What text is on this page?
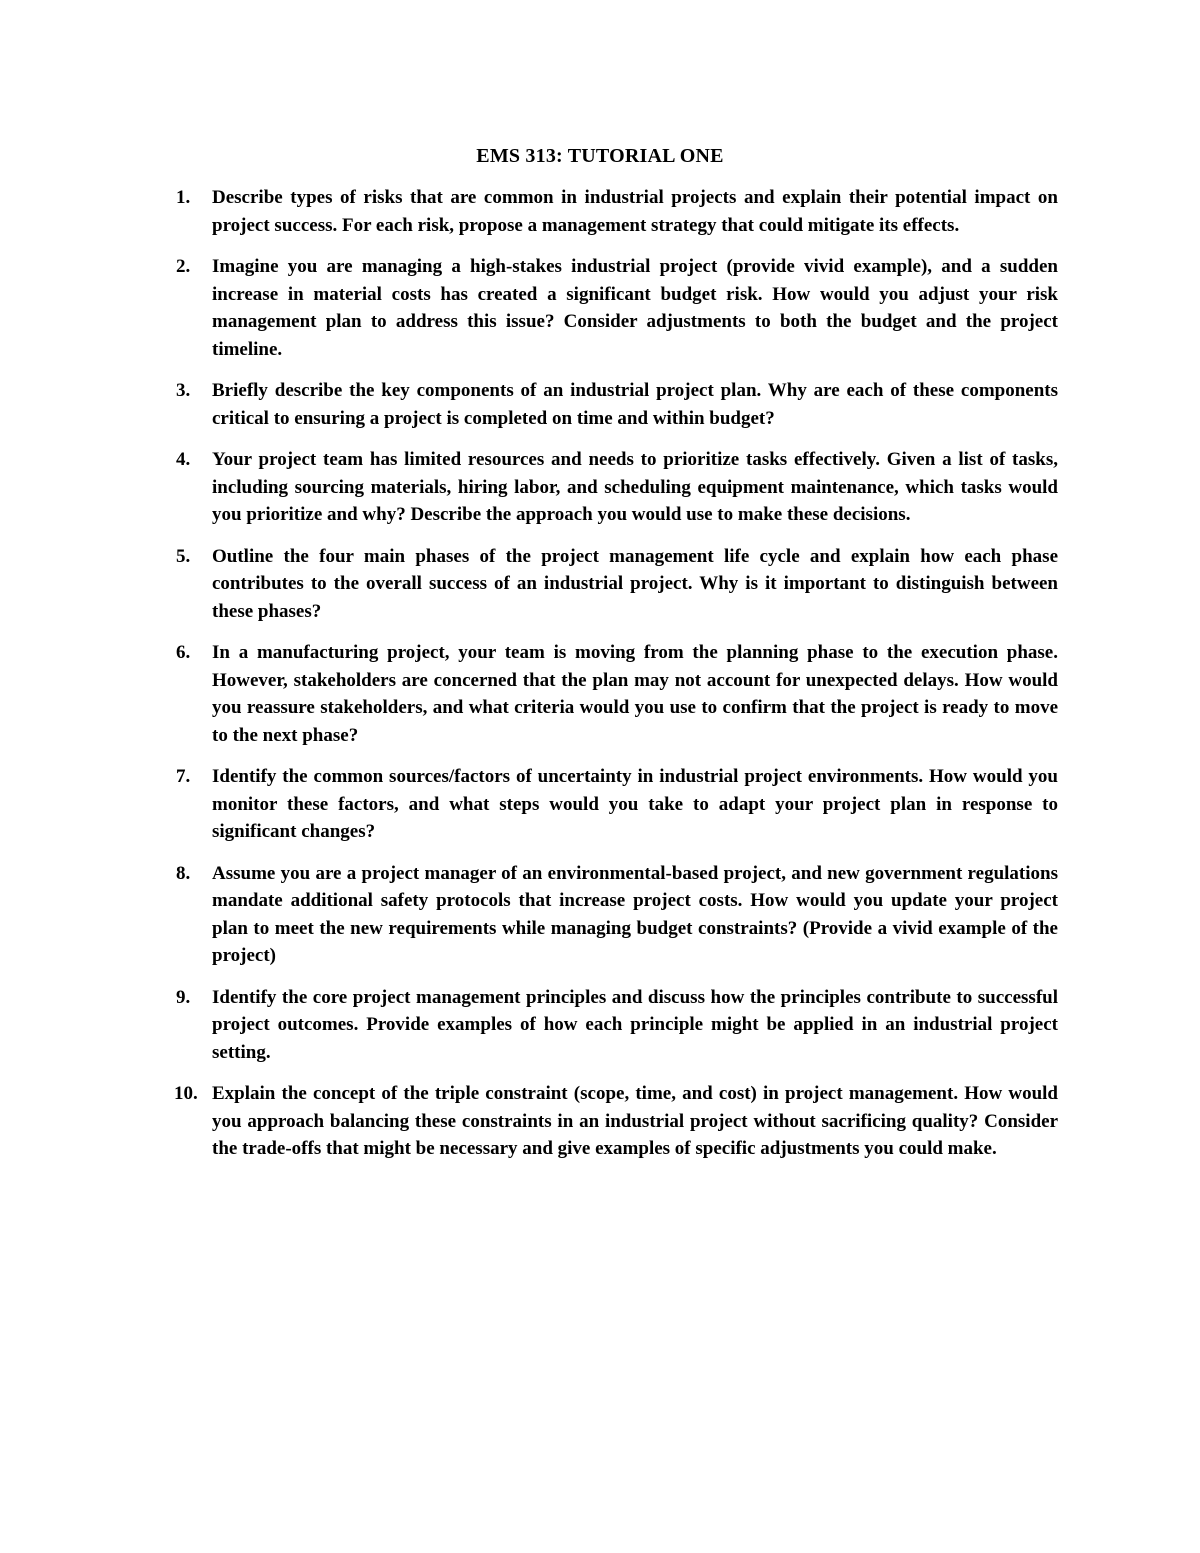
EMS 313: TUTORIAL ONE
1.	Describe types of risks that are common in industrial projects and explain their potential impact on project success. For each risk, propose a management strategy that could mitigate its effects.
2.	Imagine you are managing a high-stakes industrial project (provide vivid example), and a sudden increase in material costs has created a significant budget risk. How would you adjust your risk management plan to address this issue? Consider adjustments to both the budget and the project timeline.
3.	Briefly describe the key components of an industrial project plan. Why are each of these components critical to ensuring a project is completed on time and within budget?
4.	Your project team has limited resources and needs to prioritize tasks effectively. Given a list of tasks, including sourcing materials, hiring labor, and scheduling equipment maintenance, which tasks would you prioritize and why? Describe the approach you would use to make these decisions.
5.	Outline the four main phases of the project management life cycle and explain how each phase contributes to the overall success of an industrial project. Why is it important to distinguish between these phases?
6.	In a manufacturing project, your team is moving from the planning phase to the execution phase. However, stakeholders are concerned that the plan may not account for unexpected delays. How would you reassure stakeholders, and what criteria would you use to confirm that the project is ready to move to the next phase?
7.	Identify the common sources/factors of uncertainty in industrial project environments. How would you monitor these factors, and what steps would you take to adapt your project plan in response to significant changes?
8.	Assume you are a project manager of an environmental-based project, and new government regulations mandate additional safety protocols that increase project costs. How would you update your project plan to meet the new requirements while managing budget constraints? (Provide a vivid example of the project)
9.	Identify the core project management principles and discuss how the principles contribute to successful project outcomes. Provide examples of how each principle might be applied in an industrial project setting.
10. Explain the concept of the triple constraint (scope, time, and cost) in project management. How would you approach balancing these constraints in an industrial project without sacrificing quality? Consider the trade-offs that might be necessary and give examples of specific adjustments you could make.
